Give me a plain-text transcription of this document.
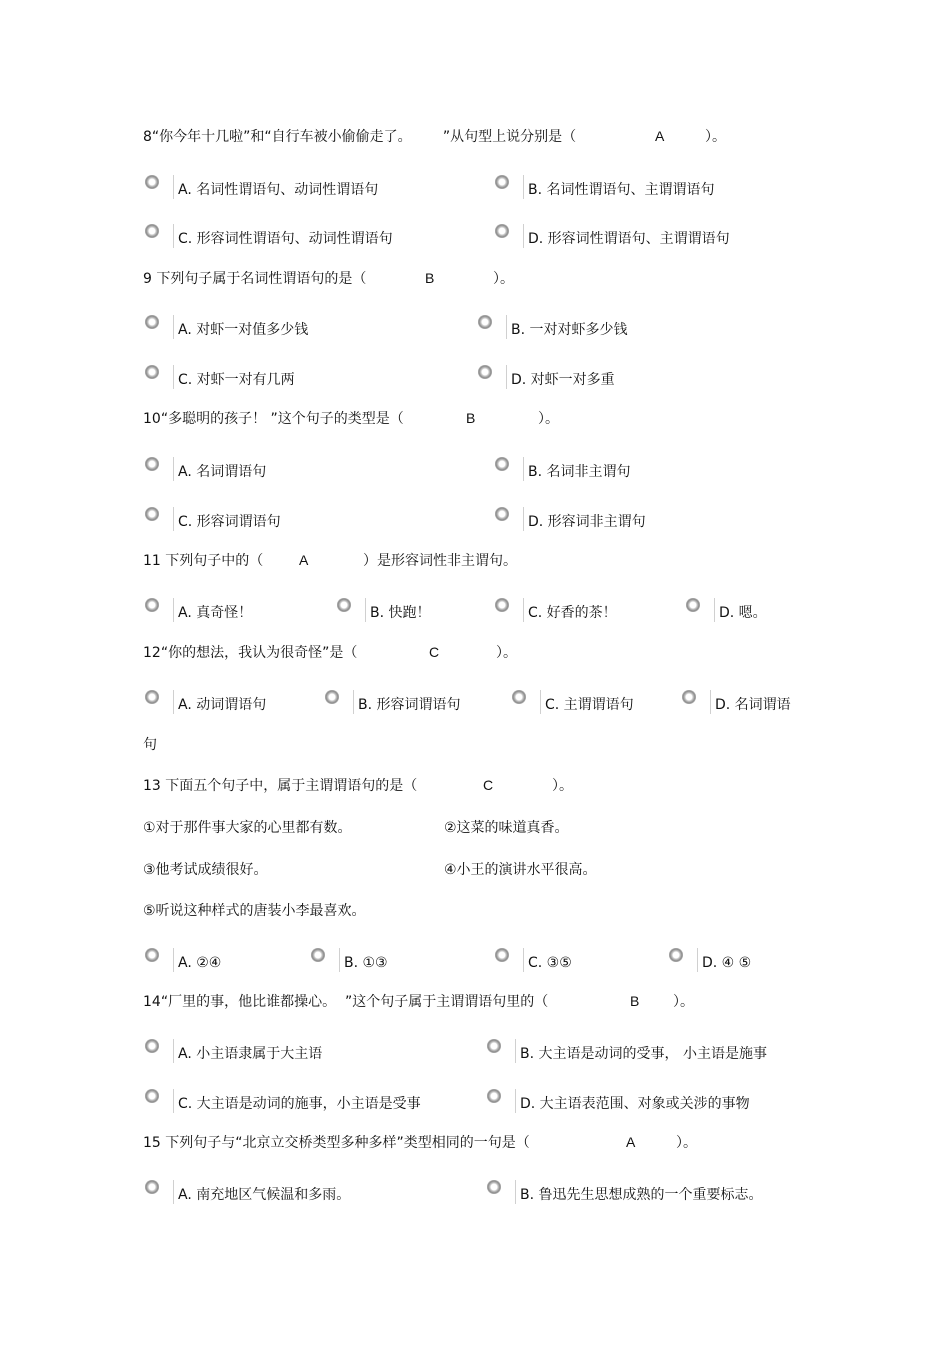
8“你今年十几啦”和“自行车被小偷偷走了。       ”从句型上说分别是（	A	）。
A. 名词性谓语句、动词性谓语句	B. 名词性谓语句、主谓谓语句
C. 形容词性谓语句、动词性谓语句	D. 形容词性谓语句、主谓谓语句
9 下列句子属于名词性谓语句的是（	B	）。
A. 对虾一对值多少钱	B. 一对对虾多少钱
C. 对虾一对有几两	D. 对虾一对多重
10“多聪明的孩子！ ”这个句子的类型是（	B	）。
A. 名词谓语句	B. 名词非主谓句
C. 形容词谓语句	D. 形容词非主谓句
11 下列句子中的（	A	）是形容词性非主谓句。
A. 真奇怪！	B. 快跑！	C. 好香的茶！	D. 嗯。
12“你的想法，我认为很奇怪”是（	C	）。
A. 动词谓语句	B. 形容词谓语句	C. 主谓谓语句	D. 名词谓语
句
13 下面五个句子中，属于主谓谓语句的是（	C	）。
①对于那件事大家的心里都有数。	②这菜的味道真香。
③他考试成绩很好。	④小王的演讲水平很高。
⑤听说这种样式的唐装小李最喜欢。
A. ②④	B. ①③	C. ③⑤	D. ④ ⑤
14“厂里的事，他比谁都操心。  ”这个句子属于主谓谓语句里的（	B ）。
A. 小主语隶属于大主语	B. 大主语是动词的受事， 小主语是施事
C. 大主语是动词的施事，小主语是受事	D. 大主语表范围、对象或关涉的事物
15 下列句子与“北京立交桥类型多种多样”类型相同的一句是（	A	）。
A. 南充地区气候温和多雨。	B. 鲁迅先生思想成熟的一个重要标志。
